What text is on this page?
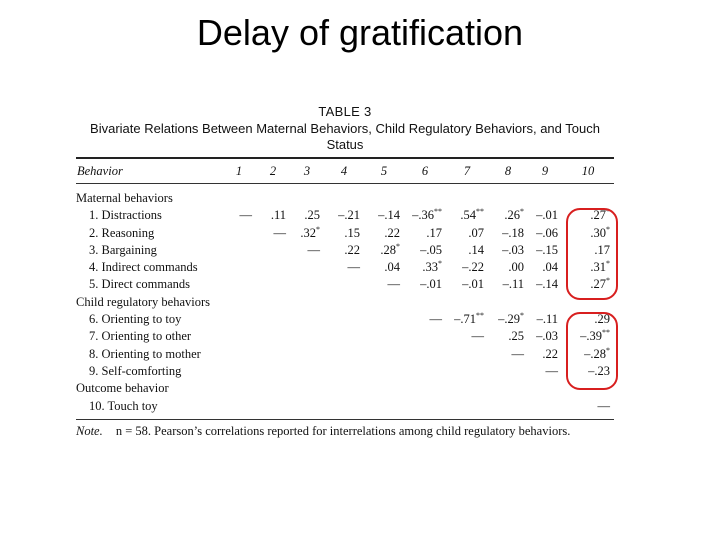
Delay of gratification
TABLE 3
Bivariate Relations Between Maternal Behaviors, Child Regulatory Behaviors, and Touch
Status
Behavior	1	2	3	4	5	6	7	8	9	10
Maternal behaviors										
1. Distractions	—	.11	.25	–.21	–.14	–.36**	.54**	.26*	–.01	.27*
2. Reasoning		—	.32*	.15	.22	.17	.07	–.18	–.06	.30*
3. Bargaining			—	.22	.28*	–.05	.14	–.03	–.15	.17
4. Indirect commands				—	.04	.33*	–.22	.00	.04	.31*
5. Direct commands					—	–.01	–.01	–.11	–.14	.27*
Child regulatory behaviors										
6. Orienting to toy						—	–.71**	–.29*	–.11	.29
7. Orienting to other							—	.25	–.03	–.39**
8. Orienting to mother								—	.22	–.28*
9. Self-comforting									—	–.23
Outcome behavior										
10. Touch toy										—
Note. n = 58. Pearson’s correlations reported for interrelations among child regulatory behaviors.
